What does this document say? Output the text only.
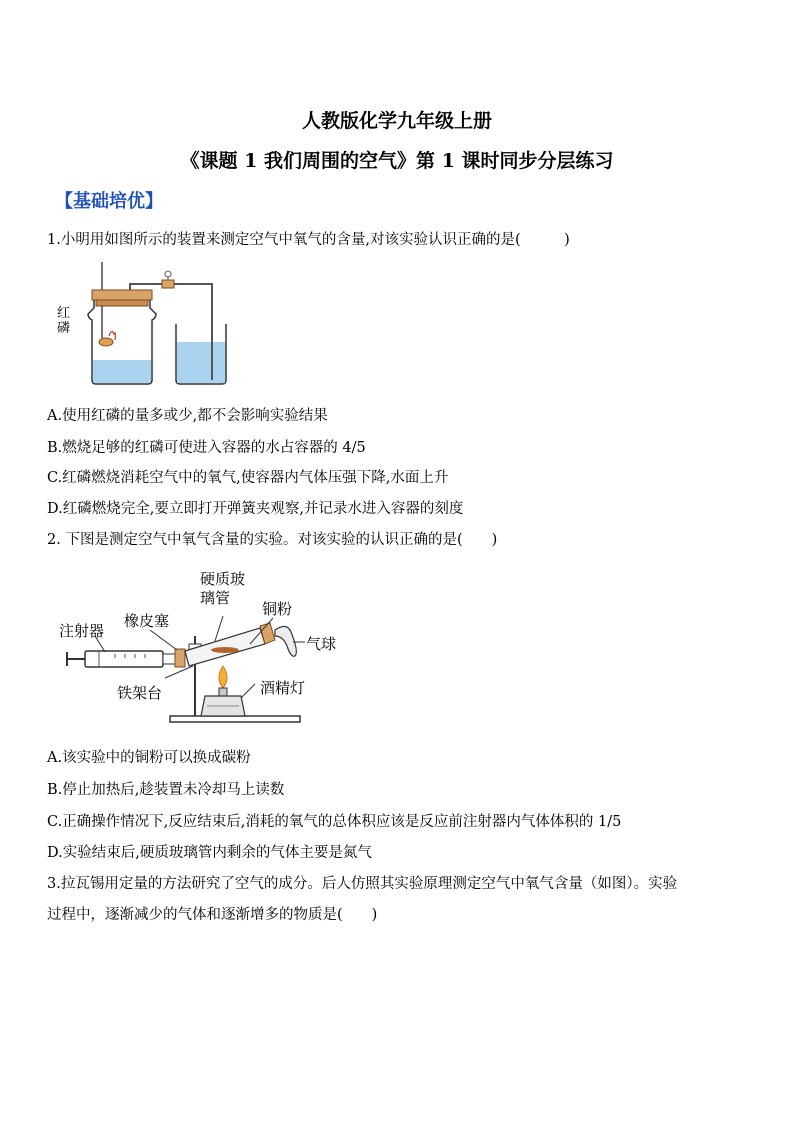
人教版化学九年级上册
《课题 1 我们周围的空气》第 1 课时同步分层练习
【基础培优】
1.小明用如图所示的装置来测定空气中氧气的含量,对该实验认识正确的是(　　　)
红磷
A.使用红磷的量多或少,都不会影响实验结果
B.燃烧足够的红磷可使进入容器的水占容器的 4/5
C.红磷燃烧消耗空气中的氧气,使容器内气体压强下降,水面上升
D.红磷燃烧完全,要立即打开弹簧夹观察,并记录水进入容器的刻度
2. 下图是测定空气中氧气含量的实验。对该实验的认识正确的是(　　)
硬质玻璃管
注射器
橡皮塞
铜粉
气球
铁架台	酒精灯
A.该实验中的铜粉可以换成碳粉
B.停止加热后,趁装置未冷却马上读数
C.正确操作情况下,反应结束后,消耗的氧气的总体积应该是反应前注射器内气体体积的 1/5
D.实验结束后,硬质玻璃管内剩余的气体主要是氮气
3.拉瓦锡用定量的方法研究了空气的成分。后人仿照其实验原理测定空气中氧气含量（如图）。实验
过程中，逐渐减少的气体和逐渐增多的物质是(　　)
